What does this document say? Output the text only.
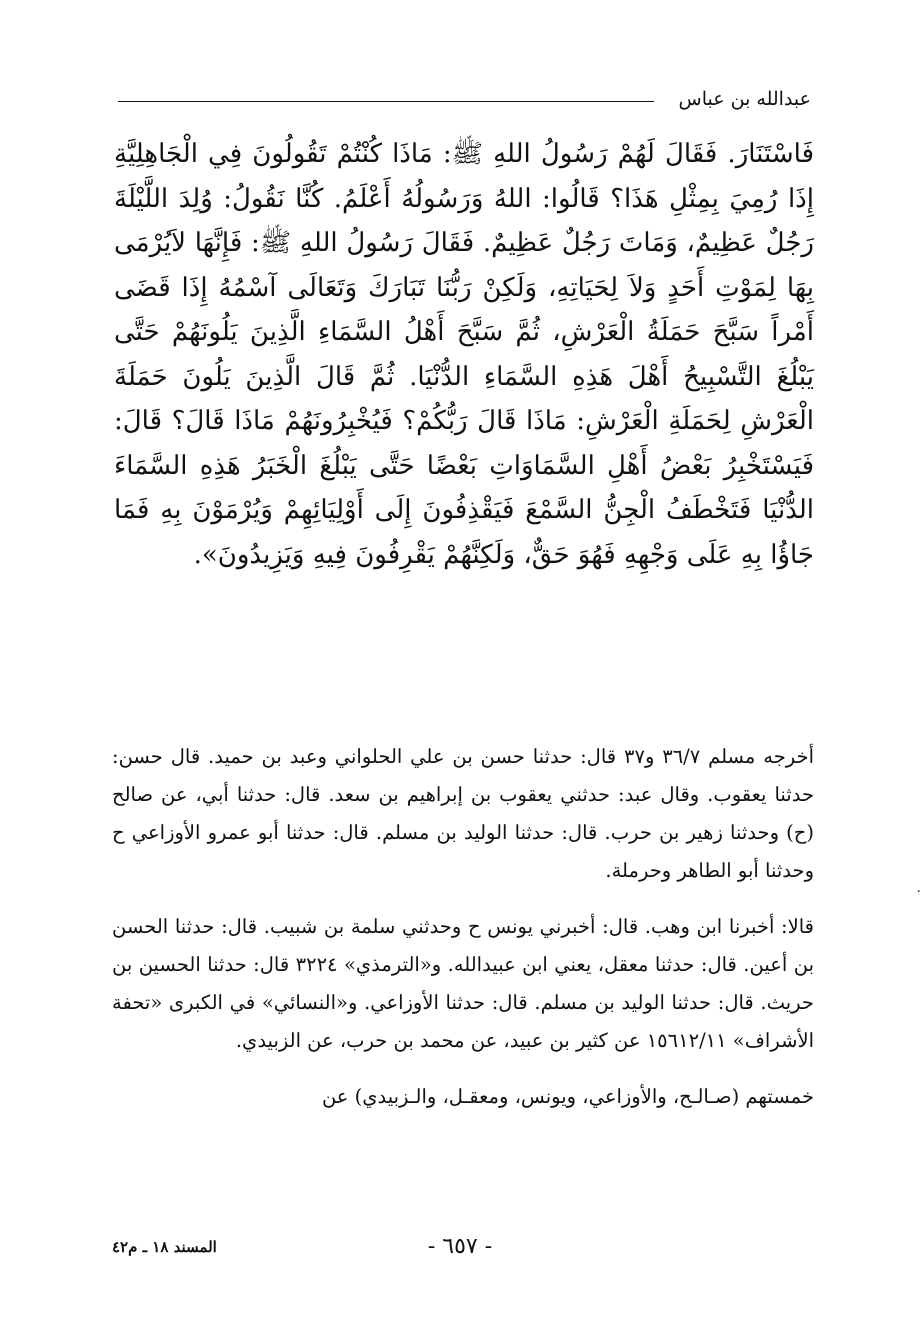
عبدالله بن عباس

فَاسْتَنَارَ. فَقَالَ لَهُمْ رَسُولُ اللهِ ﷺ: مَاذَا كُنْتُمْ تَقُولُونَ فِي الْجَاهِلِيَّةِ إِذَا رُمِيَ بِمِثْلِ هَذَا؟ قَالُوا: اللهُ وَرَسُولُهُ أَعْلَمُ. كُنَّا نَقُولُ: وُلِدَ اللَّيْلَةَ رَجُلٌ عَظِيمٌ، وَمَاتَ رَجُلٌ عَظِيمٌ. فَقَالَ رَسُولُ اللهِ ﷺ: فَإِنَّهَا لاَيُرْمَى بِهَا لِمَوْتِ أَحَدٍ وَلاَ لِحَيَاتِهِ، وَلَكِنْ رَبُّنَا تَبَارَكَ وَتَعَالَى آسْمُهُ إِذَا قَضَى أَمْراً سَبَّحَ حَمَلَةُ الْعَرْشِ، ثُمَّ سَبَّحَ أَهْلُ السَّمَاءِ الَّذِينَ يَلُونَهُمْ حَتَّى يَبْلُغَ التَّسْبِيحُ أَهْلَ هَذِهِ السَّمَاءِ الدُّنْيَا. ثُمَّ قَالَ الَّذِينَ يَلُونَ حَمَلَةَ الْعَرْشِ لِحَمَلَةِ الْعَرْشِ: مَاذَا قَالَ رَبُّكُمْ؟ فَيُخْبِرُونَهُمْ مَاذَا قَالَ؟ قَالَ: فَيَسْتَخْبِرُ بَعْضُ أَهْلِ السَّمَاوَاتِ بَعْضًا حَتَّى يَبْلُغَ الْخَبَرُ هَذِهِ السَّمَاءَ الدُّنْيَا فَتَخْطَفُ الْجِنُّ السَّمْعَ فَيَقْذِفُونَ إِلَى أَوْلِيَائِهِمْ وَيُرْمَوْنَ بِهِ فَمَا جَاؤُا بِهِ عَلَى وَجْهِهِ فَهُوَ حَقٌّ، وَلَكِنَّهُمْ يَقْرِفُونَ فِيهِ وَيَزِيدُونَ».

أخرجه مسلم ٣٦/٧ و٣٧ قال: حدثنا حسن بن علي الحلواني وعبد بن حميد. قال حسن: حدثنا يعقوب. وقال عبد: حدثني يعقوب بن إبراهيم بن سعد. قال: حدثنا أبي، عن صالح (ح) وحدثنا زهير بن حرب. قال: حدثنا الوليد بن مسلم. قال: حدثنا أبو عمرو الأوزاعي ح وحدثنا أبو الطاهر وحرملة.

قالا: أخبرنا ابن وهب. قال: أخبرني يونس ح وحدثني سلمة بن شبيب. قال: حدثنا الحسن بن أعين. قال: حدثنا معقل، يعني ابن عبيدالله. و«الترمذي» ٣٢٢٤ قال: حدثنا الحسين بن حريث. قال: حدثنا الوليد بن مسلم. قال: حدثنا الأوزاعي. و«النسائي» في الكبرى «تحفة الأشراف» ١٥٦١٢/١١ عن كثير بن عبيد، عن محمد بن حرب، عن الزبيدي.

خمستهم (صـالـح، والأوزاعي، ويونس، ومعقـل، والـزبيدي) عن

·
- ٦٥٧ -
المسند ١٨ ـ م٤٢
